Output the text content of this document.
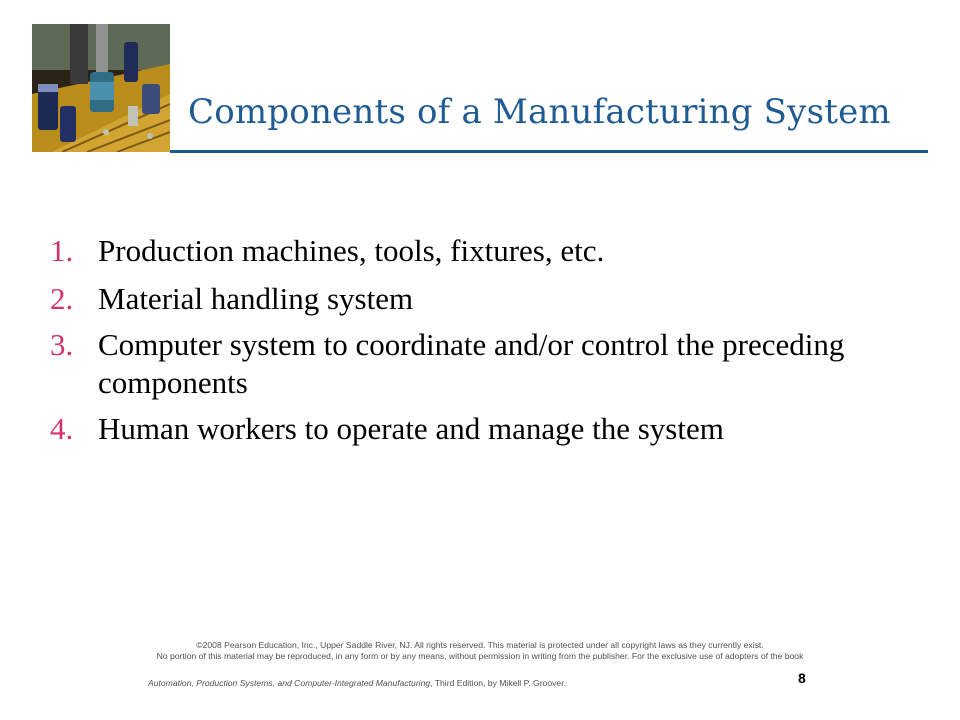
Components of a Manufacturing System
1. Production machines, tools, fixtures, etc.
2. Material handling system
3. Computer system to coordinate and/or control the preceding components
4. Human workers to operate and manage the system
©2008 Pearson Education, Inc., Upper Saddle River, NJ. All rights reserved. This material is protected under all copyright laws as they currently exist.
No portion of this material may be reproduced, in any form or by any means, without permission in writing from the publisher. For the exclusive use of adopters of the book
Automation, Production Systems, and Computer-Integrated Manufacturing, Third Edition, by Mikell P. Groover.	8
